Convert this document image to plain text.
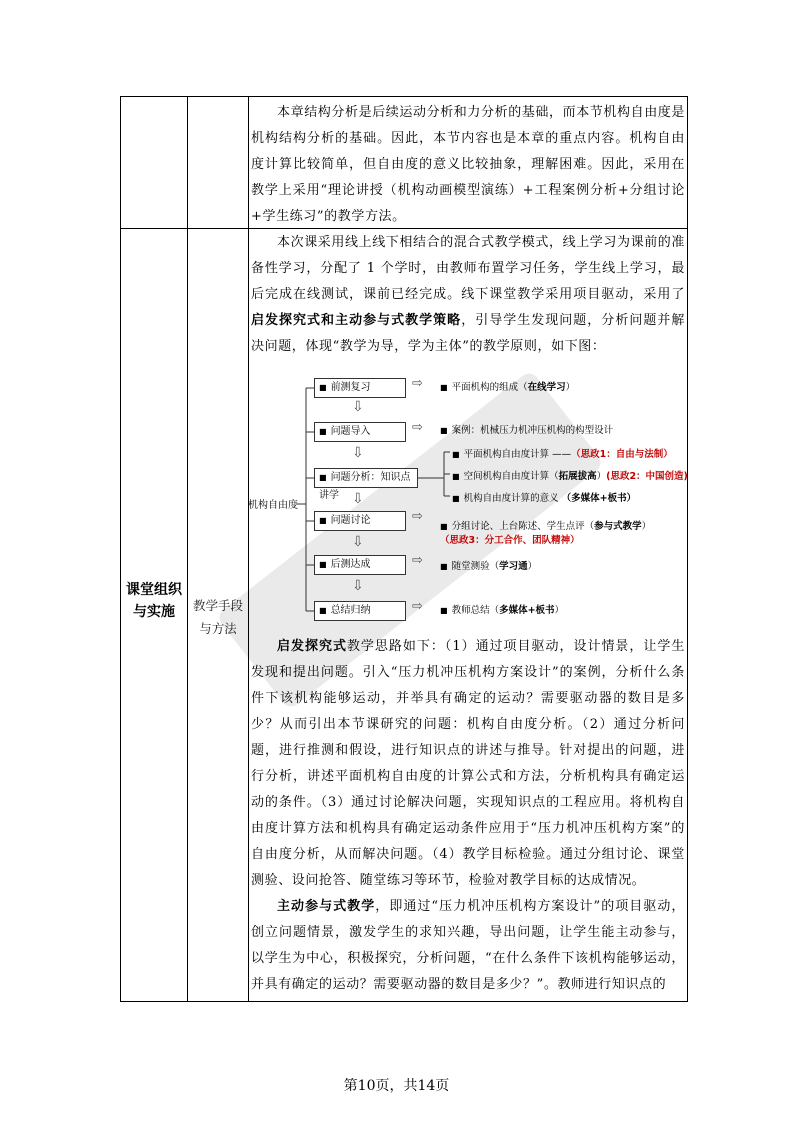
本章结构分析是后续运动分析和力分析的基础，而本节机构自由度是机构结构分析的基础。因此，本节内容也是本章的重点内容。机构自由度计算比较简单，但自由度的意义比较抽象，理解困难。因此，采用在教学上采用“理论讲授（机构动画模型演练）+工程案例分析+分组讨论+学生练习”的教学方法。

课堂组织与实施	教学手段与方法

本次课采用线上线下相结合的混合式教学模式，线上学习为课前的准备性学习，分配了 1 个学时，由教师布置学习任务，学生线上学习，最后完成在线测试，课前已经完成。线下课堂教学采用项目驱动，采用了启发探究式和主动参与式教学策略，引导学生发现问题，分析问题并解决问题，体现“教学为导，学为主体”的教学原则，如下图：

机构自由度
■ 前测复习
⇩
■ 问题导入
⇩
■ 问题分析：知识点讲学 ⇩
■ 问题讨论
⇩
■ 后测达成
⇩
■ 总结归纳
⇨
⇨
⇨
⇨
⇨
■ 平面机构的组成（在线学习）
■ 案例：机械压力机冲压机构的构型设计
■ 平面机构自由度计算 ——（思政1：自由与法制）
■ 空间机构自由度计算（拓展拔高）(思政2：中国创造)
■ 机构自由度计算的意义 （多媒体+板书）
■ 分组讨论、上台陈述、学生点评（参与式教学）
（思政3：分工合作、团队精神）
■ 随堂测验（学习通）
■ 教师总结（多媒体+板书）

启发探究式教学思路如下：（1）通过项目驱动，设计情景，让学生发现和提出问题。引入“压力机冲压机构方案设计”的案例，分析什么条件下该机构能够运动，并举具有确定的运动？需要驱动器的数目是多少？从而引出本节课研究的问题：机构自由度分析。（2）通过分析问题，进行推测和假设，进行知识点的讲述与推导。针对提出的问题，进行分析，讲述平面机构自由度的计算公式和方法，分析机构具有确定运动的条件。（3）通过讨论解决问题，实现知识点的工程应用。将机构自由度计算方法和机构具有确定运动条件应用于“压力机冲压机构方案”的自由度分析，从而解决问题。（4）教学目标检验。通过分组讨论、课堂测验、设问抢答、随堂练习等环节，检验对教学目标的达成情况。

主动参与式教学，即通过“压力机冲压机构方案设计”的项目驱动，创立问题情景，激发学生的求知兴趣，导出问题，让学生能主动参与，以学生为中心，积极探究，分析问题，“在什么条件下该机构能够运动，并具有确定的运动？需要驱动器的数目是多少？”。教师进行知识点的

第10页，共14页
